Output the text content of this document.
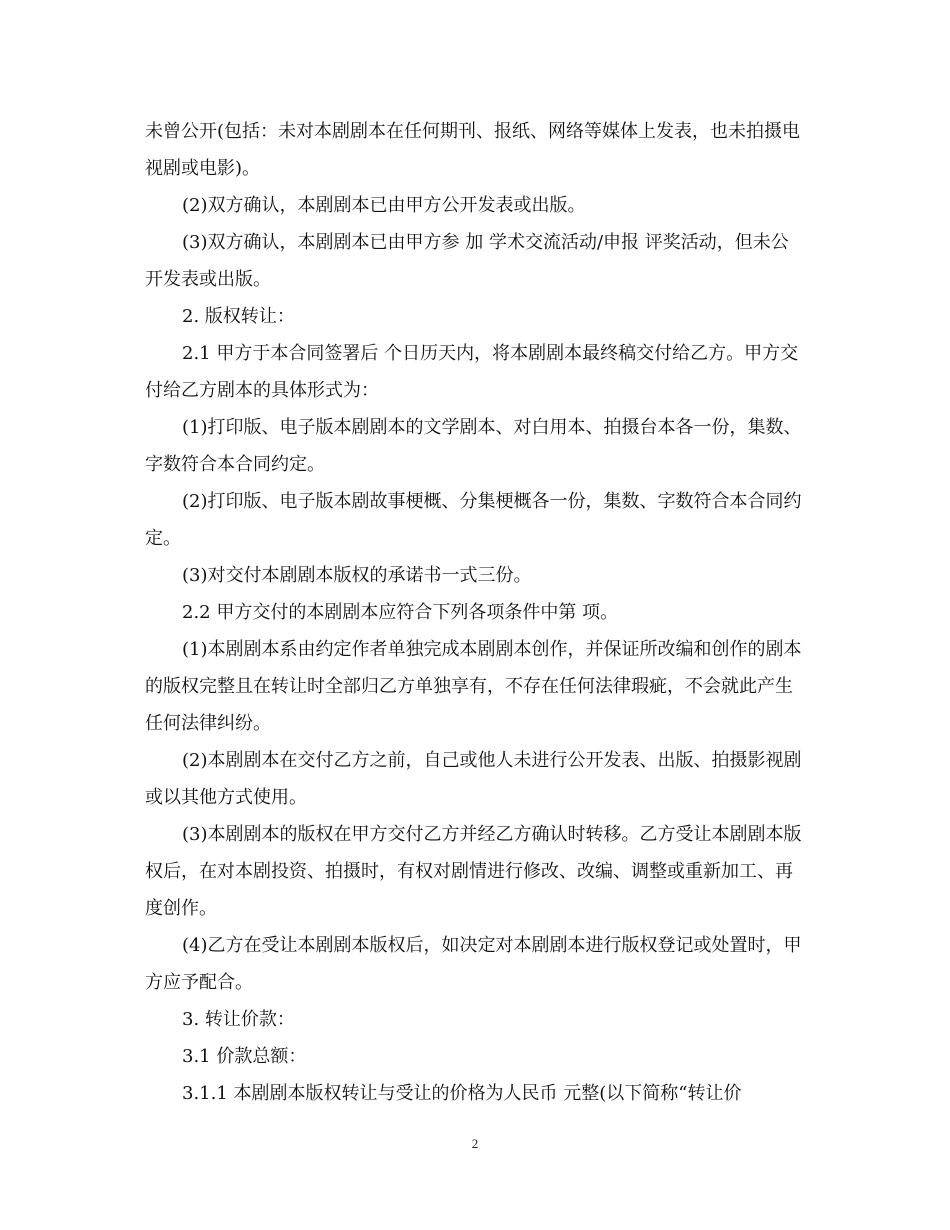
未曾公开(包括：未对本剧剧本在任何期刊、报纸、网络等媒体上发表，也未拍摄电视剧或电影)。

(2)双方确认，本剧剧本已由甲方公开发表或出版。

(3)双方确认，本剧剧本已由甲方参 加 学术交流活动/申报 评奖活动，但未公开发表或出版。

2. 版权转让：

2.1 甲方于本合同签署后 个日历天内，将本剧剧本最终稿交付给乙方。甲方交付给乙方剧本的具体形式为：

(1)打印版、电子版本剧剧本的文学剧本、对白用本、拍摄台本各一份，集数、字数符合本合同约定。

(2)打印版、电子版本剧故事梗概、分集梗概各一份，集数、字数符合本合同约定。

(3)对交付本剧剧本版权的承诺书一式三份。

2.2 甲方交付的本剧剧本应符合下列各项条件中第 项。

(1)本剧剧本系由约定作者单独完成本剧剧本创作，并保证所改编和创作的剧本的版权完整且在转让时全部归乙方单独享有，不存在任何法律瑕疵，不会就此产生任何法律纠纷。

(2)本剧剧本在交付乙方之前，自己或他人未进行公开发表、出版、拍摄影视剧或以其他方式使用。

(3)本剧剧本的版权在甲方交付乙方并经乙方确认时转移。乙方受让本剧剧本版权后，在对本剧投资、拍摄时，有权对剧情进行修改、改编、调整或重新加工、再度创作。

(4)乙方在受让本剧剧本版权后，如决定对本剧剧本进行版权登记或处置时，甲方应予配合。

3. 转让价款：

3.1 价款总额：

3.1.1 本剧剧本版权转让与受让的价格为人民币 元整(以下简称“转让价

2
